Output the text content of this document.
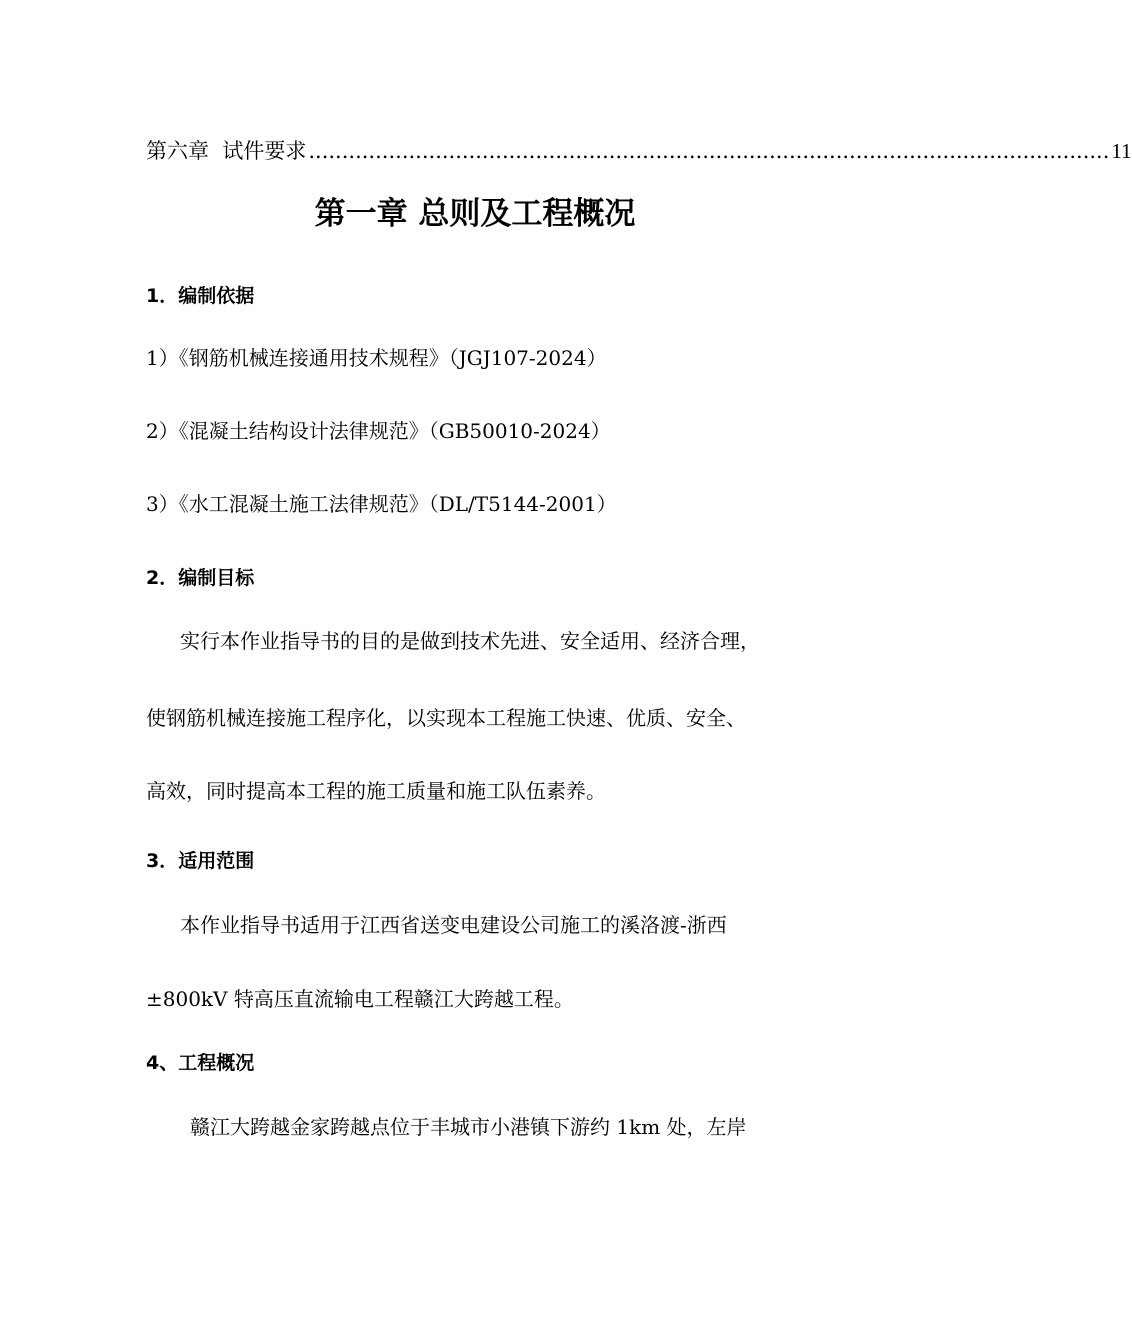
第六章  试件要求 ........................................................................................................................ 11
第一章 总则及工程概况
1．编制依据
1）《钢筋机械连接通用技术规程》（JGJ107-2024）
2）《混凝土结构设计法律规范》（GB50010-2024）
3）《水工混凝土施工法律规范》（DL/T5144-2001）
2．编制目标
实行本作业指导书的目的是做到技术先进、安全适用、经济合理，
使钢筋机械连接施工程序化，以实现本工程施工快速、优质、安全、
高效，同时提高本工程的施工质量和施工队伍素养。
3．适用范围
本作业指导书适用于江西省送变电建设公司施工的溪洛渡-浙西
±800kV 特高压直流输电工程赣江大跨越工程。
4、工程概况
赣江大跨越金家跨越点位于丰城市小港镇下游约 1km 处，左岸
